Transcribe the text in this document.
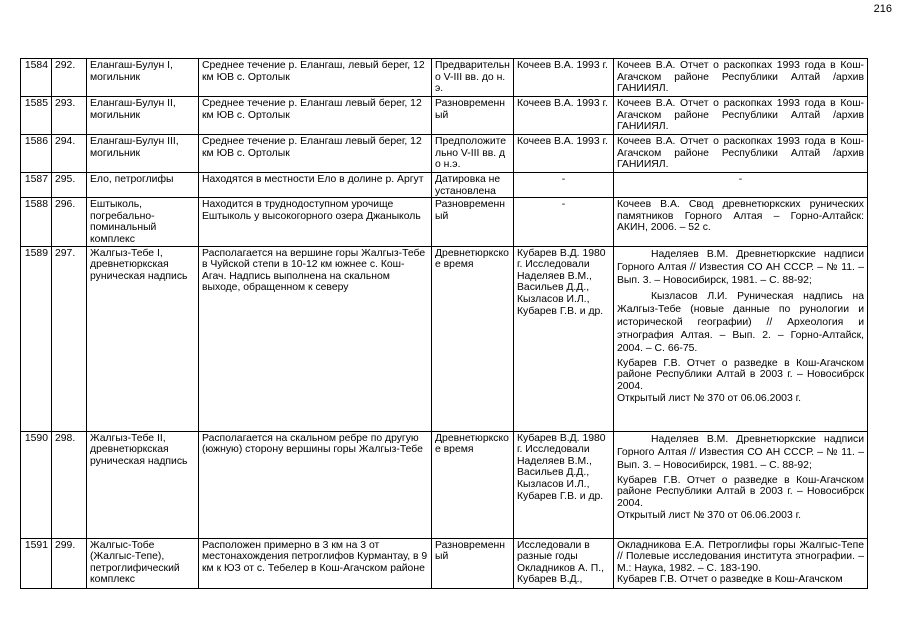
216
1584	292.	Елангаш-Булун I, могильник	Среднее течение р. Елангаш, левый берег, 12 км ЮВ с. Ортолык	Предварительно V-III вв. до н.э.	Кочеев В.А. 1993 г.	Кочеев В.А. Отчет о раскопках 1993 года в Кош-Агачском районе Республики Алтай /архив ГАНИИЯЛ.

1585	293.	Елангаш-Булун II, могильник	Среднее течение р. Елангаш левый берег, 12 км ЮВ с. Ортолык	Разновременный	Кочеев В.А. 1993 г.	Кочеев В.А. Отчет о раскопках 1993 года в Кош-Агачском районе Республики Алтай /архив ГАНИИЯЛ.

1586	294.	Елангаш-Булун III, могильник	Среднее течение р. Елангаш левый берег, 12 км ЮВ с. Ортолык	Предположительно V-III вв. до н.э.	Кочеев В.А. 1993 г.	Кочеев В.А. Отчет о раскопках 1993 года в Кош-Агачском районе Республики Алтай /архив ГАНИИЯЛ.

1587	295.	Ело, петроглифы	Находятся в местности Ело в долине р. Аргут	Датировка не установлена	-	-

1588	296.	Ештыколь, погребально-поминальный комплекс	Находится в труднодоступном урочище Ештыколь у высокогорного озера Джаныколь	Разновременный	-	Кочеев В.А. Свод древнетюркских рунических памятников Горного Алтая – Горно-Алтайск: АКИН, 2006. – 52 с.

1589	297.	Жалгыз-Тебе I, древнетюркская руническая надпись	Располагается на вершине горы Жалгыз-Тебе в Чуйской степи в 10-12 км южнее с. Кош-Агач. Надпись выполнена на скальном выходе, обращенном к северу	Древнетюркское время	Кубарев В.Д. 1980 г. Исследовали Наделяев В.М., Васильев Д.Д., Кызласов И.Л., Кубарев Г.В. и др.	Наделяев В.М. Древнетюркские надписи Горного Алтая // Известия СО АН СССР. – № 11. – Вып. 3. – Новосибирск, 1981. – С. 88-92;

Кызласов Л.И. Руническая надпись на Жалгыз-Тебе (новые данные по рунологии и исторической географии) // Археология и этнография Алтая. – Вып. 2. – Горно-Алтайск, 2004. – С. 66-75.

Кубарев Г.В. Отчет о разведке в Кош-Агачском районе Республики Алтай в 2003 г. – Новосибрск 2004.

Открытый лист № 370 от 06.06.2003 г.

1590	298.	Жалгыз-Тебе II, древнетюркская руническая надпись	Располагается на скальном ребре по другую (южную) сторону вершины горы Жалгыз-Тебе	Древнетюркское время	Кубарев В.Д. 1980 г. Исследовали Наделяев В.М., Васильев Д.Д., Кызласов И.Л., Кубарев Г.В. и др.	Наделяев В.М. Древнетюркские надписи Горного Алтая // Известия СО АН СССР. – № 11. – Вып. 3. – Новосибирск, 1981. – С. 88-92;

Кубарев Г.В. Отчет о разведке в Кош-Агачском районе Республики Алтай в 2003 г. – Новосибрск 2004.

Открытый лист № 370 от 06.06.2003 г.

1591	299.	Жалгыс-Тобе (Жалгыс-Тепе), петроглифический комплекс	Расположен примерно в 3 км на 3 от местонахождения петроглифов Курмантау, в 9 км к ЮЗ от с. Тебелер в Кош-Агачском районе	Разновременный	Исследовали в разные годы Окладников А. П., Кубарев В.Д.,	Окладникова Е.А. Петроглифы горы Жалгыс-Тепе // Полевые исследования института этнографии. – М.: Наука, 1982. – С. 183-190.

Кубарев Г.В. Отчет о разведке в Кош-Агачском
